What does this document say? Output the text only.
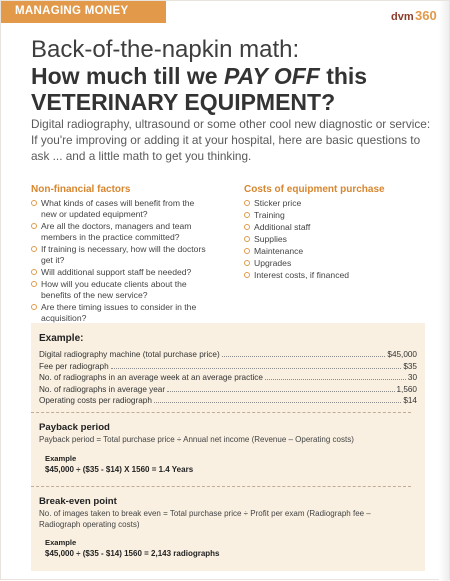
MANAGING MONEY	dvm 360
Back-of-the-napkin math:
How much till we PAY OFF this
VETERINARY EQUIPMENT?
Digital radiography, ultrasound or some other cool new diagnostic or service: If you're improving or adding it at your hospital, here are basic questions to ask ... and a little math to get you thinking.
Non-financial factors
What kinds of cases will benefit from the new or updated equipment?
Are all the doctors, managers and team members in the practice committed?
If training is necessary, how will the doctors get it?
Will additional support staff be needed?
How will you educate clients about the benefits of the new service?
Are there timing issues to consider in the acquisition?
Costs of equipment purchase
Sticker price
Training
Additional staff
Supplies
Maintenance
Upgrades
Interest costs, if financed
Example:
Digital radiography machine (total purchase price)	$45,000
Fee per radiograph	$35
No. of radiographs in an average week at an average practice	30
No. of radiographs in average year	1,560
Operating costs per radiograph	$14
Payback period
Payback period = Total purchase price ÷ Annual net income (Revenue – Operating costs)
Example
$45,000 ÷ ($35 - $14) X 1560 = 1.4 Years
Break-even point
No. of images taken to break even = Total purchase price ÷ Profit per exam (Radiograph fee – Radiograph operating costs)
Example
$45,000 ÷ ($35 - $14) 1560 = 2,143 radiographs
